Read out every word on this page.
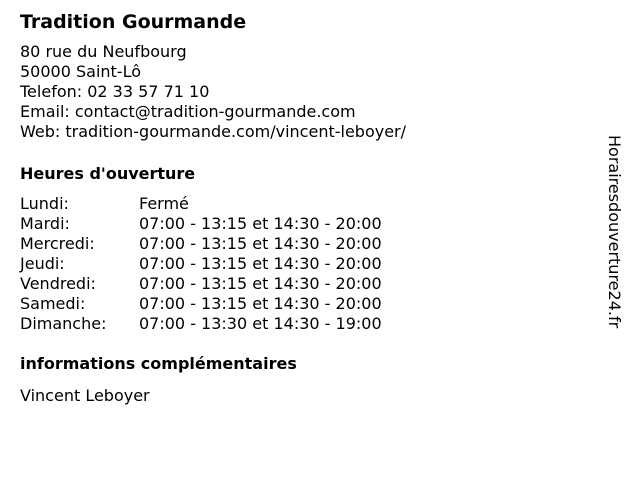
Tradition Gourmande
80 rue du Neufbourg
50000 Saint-Lô
Telefon: 02 33 57 71 10
Email: contact@tradition-gourmande.com
Web: tradition-gourmande.com/vincent-leboyer/
Heures d'ouverture
Lundi:	Fermé
Mardi:	07:00 - 13:15 et 14:30 - 20:00
Mercredi:	07:00 - 13:15 et 14:30 - 20:00
Jeudi:	07:00 - 13:15 et 14:30 - 20:00
Vendredi:	07:00 - 13:15 et 14:30 - 20:00
Samedi:	07:00 - 13:15 et 14:30 - 20:00
Dimanche: 07:00 - 13:30 et 14:30 - 19:00
informations complémentaires
Vincent Leboyer
Horairesdouverture24.fr
